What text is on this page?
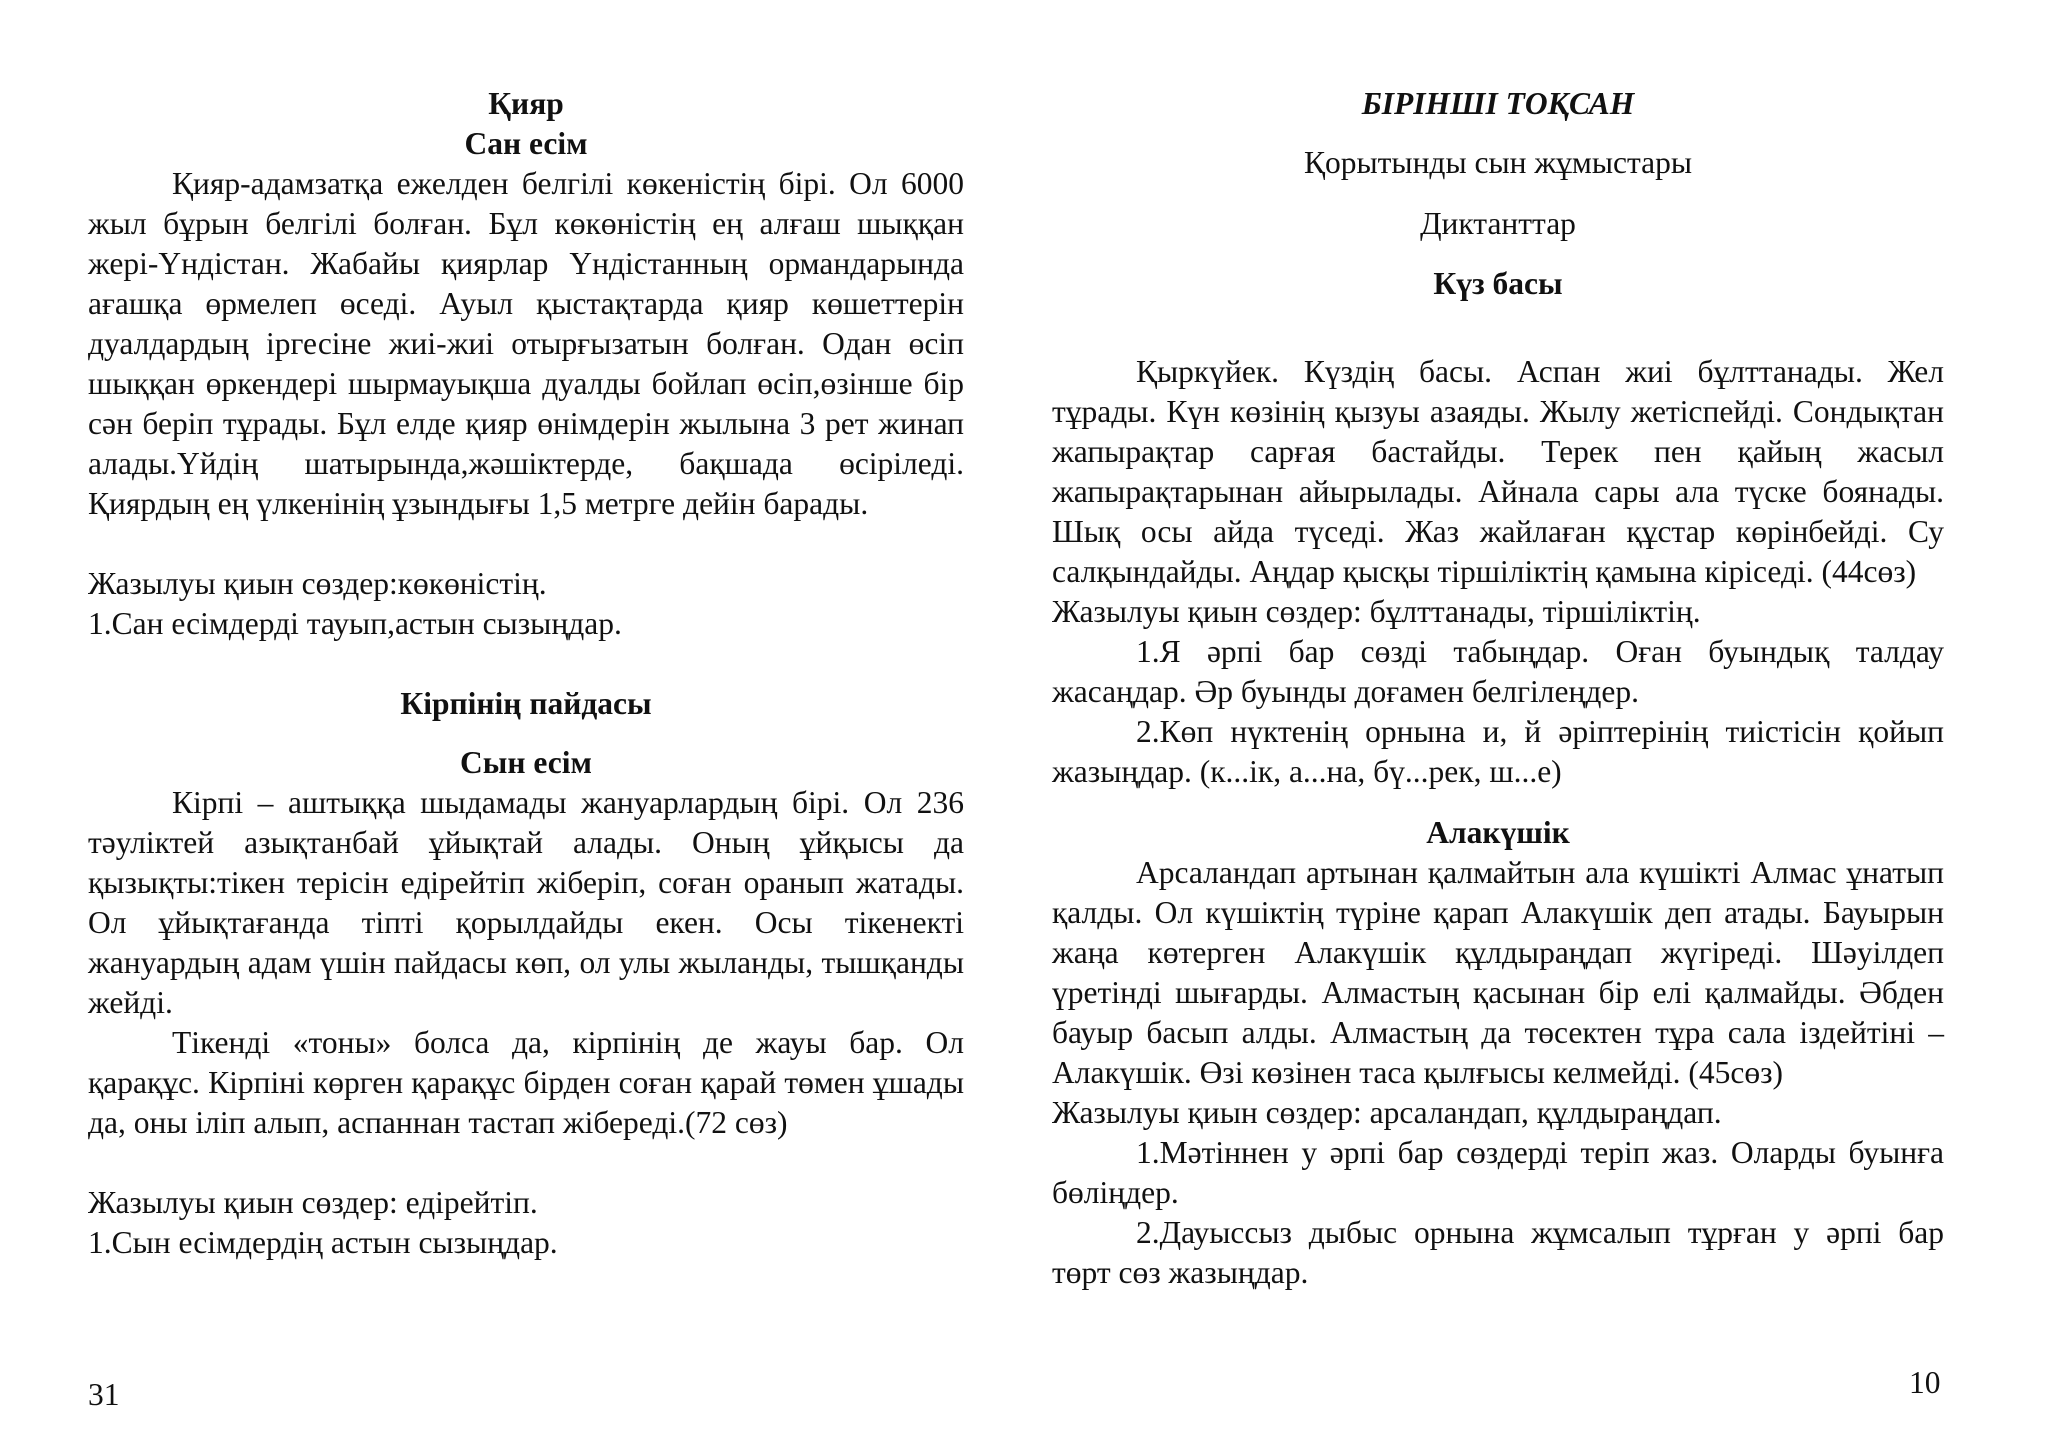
Қияр

Сан есім

Қияр-адамзатқа ежелден белгілі көкеністің бірі. Ол 6000 жыл бұрын белгілі болған. Бұл көкөністің ең алғаш шыққан жері-Үндістан. Жабайы қиярлар Үндістанның ормандарында ағашқа өрмелеп өседі. Ауыл қыстақтарда қияр көшеттерін дуалдардың іргесіне жиі-жиі отырғызатын болған. Одан өсіп шыққан өркендері шырмауықша дуалды бойлап өсіп,өзінше бір сән беріп тұрады. Бұл елде қияр өнімдерін жылына 3 рет жинап алады.Үйдің шатырында,жәшіктерде, бақшада өсіріледі. Қиярдың ең үлкенінің ұзындығы 1,5 метрге дейін барады.

Жазылуы қиын сөздер:көкөністің.

1.Сан есімдерді тауып,астын сызыңдар.

Кірпінің пайдасы

Сын есім

Кірпі – аштыққа шыдамады жануарлардың бірі. Ол 236 тәуліктей азықтанбай ұйықтай алады. Оның ұйқысы да қызықты:тікен терісін едірейтіп жіберіп, соған оранып жатады. Ол ұйықтағанда тіпті қорылдайды екен. Осы тікенекті жануардың адам үшін пайдасы көп, ол улы жыланды, тышқанды жейді.

Тікенді «тоны» болса да, кірпінің де жауы бар. Ол қарақұс. Кірпіні көрген қарақұс бірден соған қарай төмен ұшады да, оны іліп алып, аспаннан тастап жібереді.(72 сөз)

Жазылуы қиын сөздер: едірейтіп.

1.Сын есімдердің астын сызыңдар.

31

БІРІНШІ ТОҚСАН

Қорытынды сын жұмыстары

Диктанттар

Күз басы

Қыркүйек. Күздің басы. Аспан жиі бұлттанады. Жел тұрады. Күн көзінің қызуы азаяды. Жылу жетіспейді. Сондықтан жапырақтар сарғая бастайды. Терек пен қайың жасыл жапырақтарынан айырылады. Айнала сары ала түске боянады. Шық осы айда түседі. Жаз жайлаған құстар көрінбейді. Су салқындайды. Аңдар қысқы тіршіліктің қамына кіріседі. (44сөз)

Жазылуы қиын сөздер: бұлттанады, тіршіліктің.

1.Я әрпі бар сөзді табыңдар. Оған буындық талдау жасаңдар. Әр буынды доғамен белгілеңдер.

2.Көп нүктенің орнына и, й әріптерінің тиістісін қойып жазыңдар. (к...ік, а...на, бү...рек, ш...е)

Алакүшік

Арсаландап артынан қалмайтын ала күшікті Алмас ұнатып қалды. Ол күшіктің түріне қарап Алакүшік деп атады. Бауырын жаңа көтерген Алакүшік құлдыраңдап жүгіреді. Шәуілдеп үретінді шығарды. Алмастың қасынан бір елі қалмайды. Әбден бауыр басып алды. Алмастың да төсектен тұра сала іздейтіні – Алакүшік. Өзі көзінен таса қылғысы келмейді. (45сөз)

Жазылуы қиын сөздер: арсаландап, құлдыраңдап.

1.Мәтіннен у әрпі бар сөздерді теріп жаз. Оларды буынға бөліңдер.

2.Дауыссыз дыбыс орнына жұмсалып тұрған у әрпі бар төрт сөз жазыңдар.

10
